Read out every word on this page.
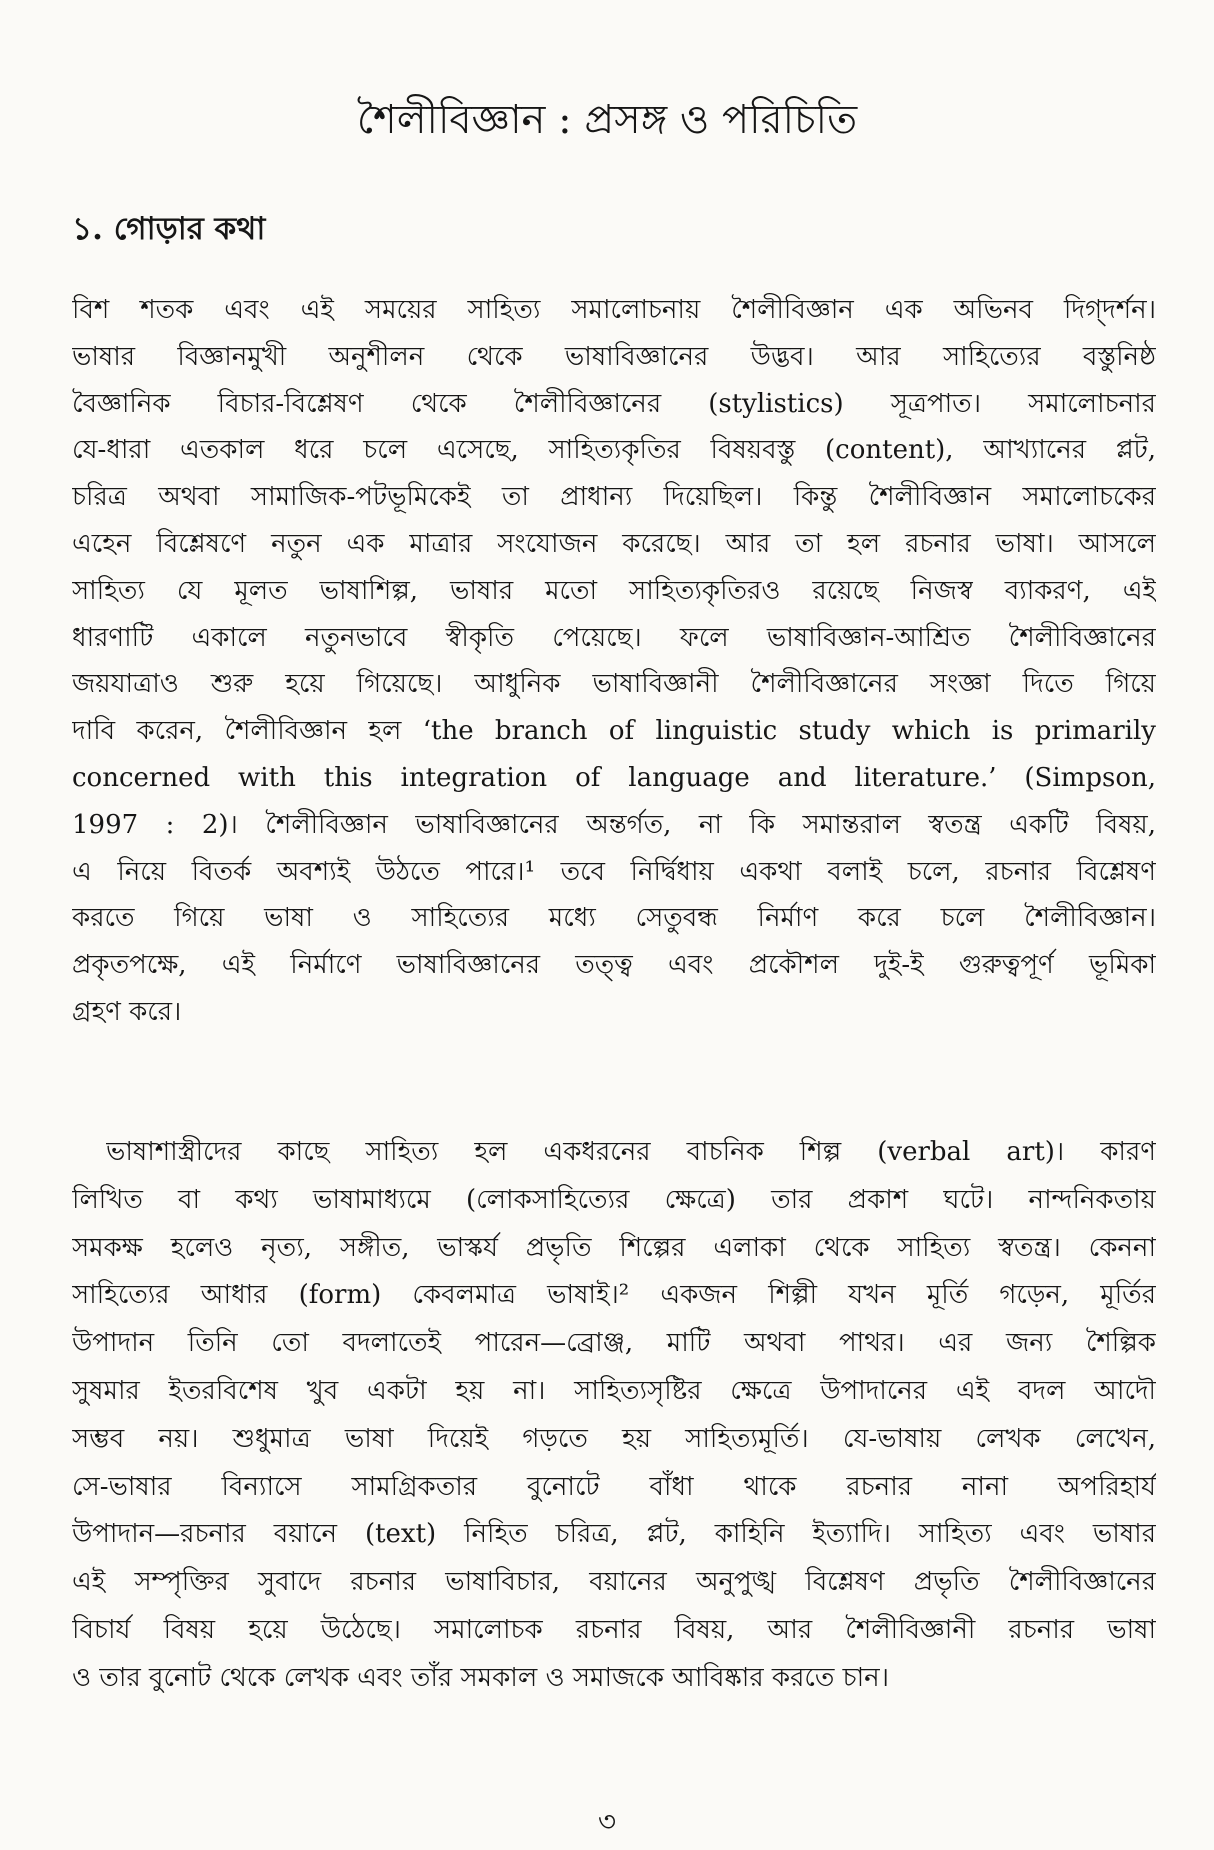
শৈলীবিজ্ঞান : প্রসঙ্গ ও পরিচিতি
১. গোড়ার কথা
বিশ শতক এবং এই সময়ের সাহিত্য সমালোচনায় শৈলীবিজ্ঞান এক অভিনব দিগ্‌দর্শন।
ভাষার বিজ্ঞানমুখী অনুশীলন থেকে ভাষাবিজ্ঞানের উদ্ভব। আর সাহিত্যের বস্তুনিষ্ঠ
বৈজ্ঞানিক বিচার-বিশ্লেষণ থেকে শৈলীবিজ্ঞানের (stylistics) সূত্রপাত। সমালোচনার
যে-ধারা এতকাল ধরে চলে এসেছে, সাহিত্যকৃতির বিষয়বস্তু (content), আখ্যানের প্লট,
চরিত্র অথবা সামাজিক-পটভূমিকেই তা প্রাধান্য দিয়েছিল। কিন্তু শৈলীবিজ্ঞান সমালোচকের
এহেন বিশ্লেষণে নতুন এক মাত্রার সংযোজন করেছে। আর তা হল রচনার ভাষা। আসলে
সাহিত্য যে মূলত ভাষাশিল্প, ভাষার মতো সাহিত্যকৃতিরও রয়েছে নিজস্ব ব্যাকরণ, এই
ধারণাটি একালে নতুনভাবে স্বীকৃতি পেয়েছে। ফলে ভাষাবিজ্ঞান-আশ্রিত শৈলীবিজ্ঞানের
জয়যাত্রাও শুরু হয়ে গিয়েছে। আধুনিক ভাষাবিজ্ঞানী শৈলীবিজ্ঞানের সংজ্ঞা দিতে গিয়ে
দাবি করেন, শৈলীবিজ্ঞান হল ‘the branch of linguistic study which is primarily
concerned with this integration of language and literature.’ (Simpson,
1997 : 2)। শৈলীবিজ্ঞান ভাষাবিজ্ঞানের অন্তর্গত, না কি সমান্তরাল স্বতন্ত্র একটি বিষয়,
এ নিয়ে বিতর্ক অবশ্যই উঠতে পারে।¹ তবে নির্দ্বিধায় একথা বলাই চলে, রচনার বিশ্লেষণ
করতে গিয়ে ভাষা ও সাহিত্যের মধ্যে সেতুবন্ধ নির্মাণ করে চলে শৈলীবিজ্ঞান।
প্রকৃতপক্ষে, এই নির্মাণে ভাষাবিজ্ঞানের তত্ত্ব এবং প্রকৌশল দুই-ই গুরুত্বপূর্ণ ভূমিকা
গ্রহণ করে।
ভাষাশাস্ত্রীদের কাছে সাহিত্য হল একধরনের বাচনিক শিল্প (verbal art)। কারণ
লিখিত বা কথ্য ভাষামাধ্যমে (লোকসাহিত্যের ক্ষেত্রে) তার প্রকাশ ঘটে। নান্দনিকতায়
সমকক্ষ হলেও নৃত্য, সঙ্গীত, ভাস্কর্য প্রভৃতি শিল্পের এলাকা থেকে সাহিত্য স্বতন্ত্র। কেননা
সাহিত্যের আধার (form) কেবলমাত্র ভাষাই।² একজন শিল্পী যখন মূর্তি গড়েন, মূর্তির
উপাদান তিনি তো বদলাতেই পারেন—ব্রোঞ্জ, মাটি অথবা পাথর। এর জন্য শৈল্পিক
সুষমার ইতরবিশেষ খুব একটা হয় না। সাহিত্যসৃষ্টির ক্ষেত্রে উপাদানের এই বদল আদৌ
সম্ভব নয়। শুধুমাত্র ভাষা দিয়েই গড়তে হয় সাহিত্যমূর্তি। যে-ভাষায় লেখক লেখেন,
সে-ভাষার বিন্যাসে সামগ্রিকতার বুনোটে বাঁধা থাকে রচনার নানা অপরিহার্য
উপাদান—রচনার বয়ানে (text) নিহিত চরিত্র, প্লট, কাহিনি ইত্যাদি। সাহিত্য এবং ভাষার
এই সম্পৃক্তির সুবাদে রচনার ভাষাবিচার, বয়ানের অনুপুঙ্খ বিশ্লেষণ প্রভৃতি শৈলীবিজ্ঞানের
বিচার্য বিষয় হয়ে উঠেছে। সমালোচক রচনার বিষয়, আর শৈলীবিজ্ঞানী রচনার ভাষা
ও তার বুনোট থেকে লেখক এবং তাঁর সমকাল ও সমাজকে আবিষ্কার করতে চান।
৩
